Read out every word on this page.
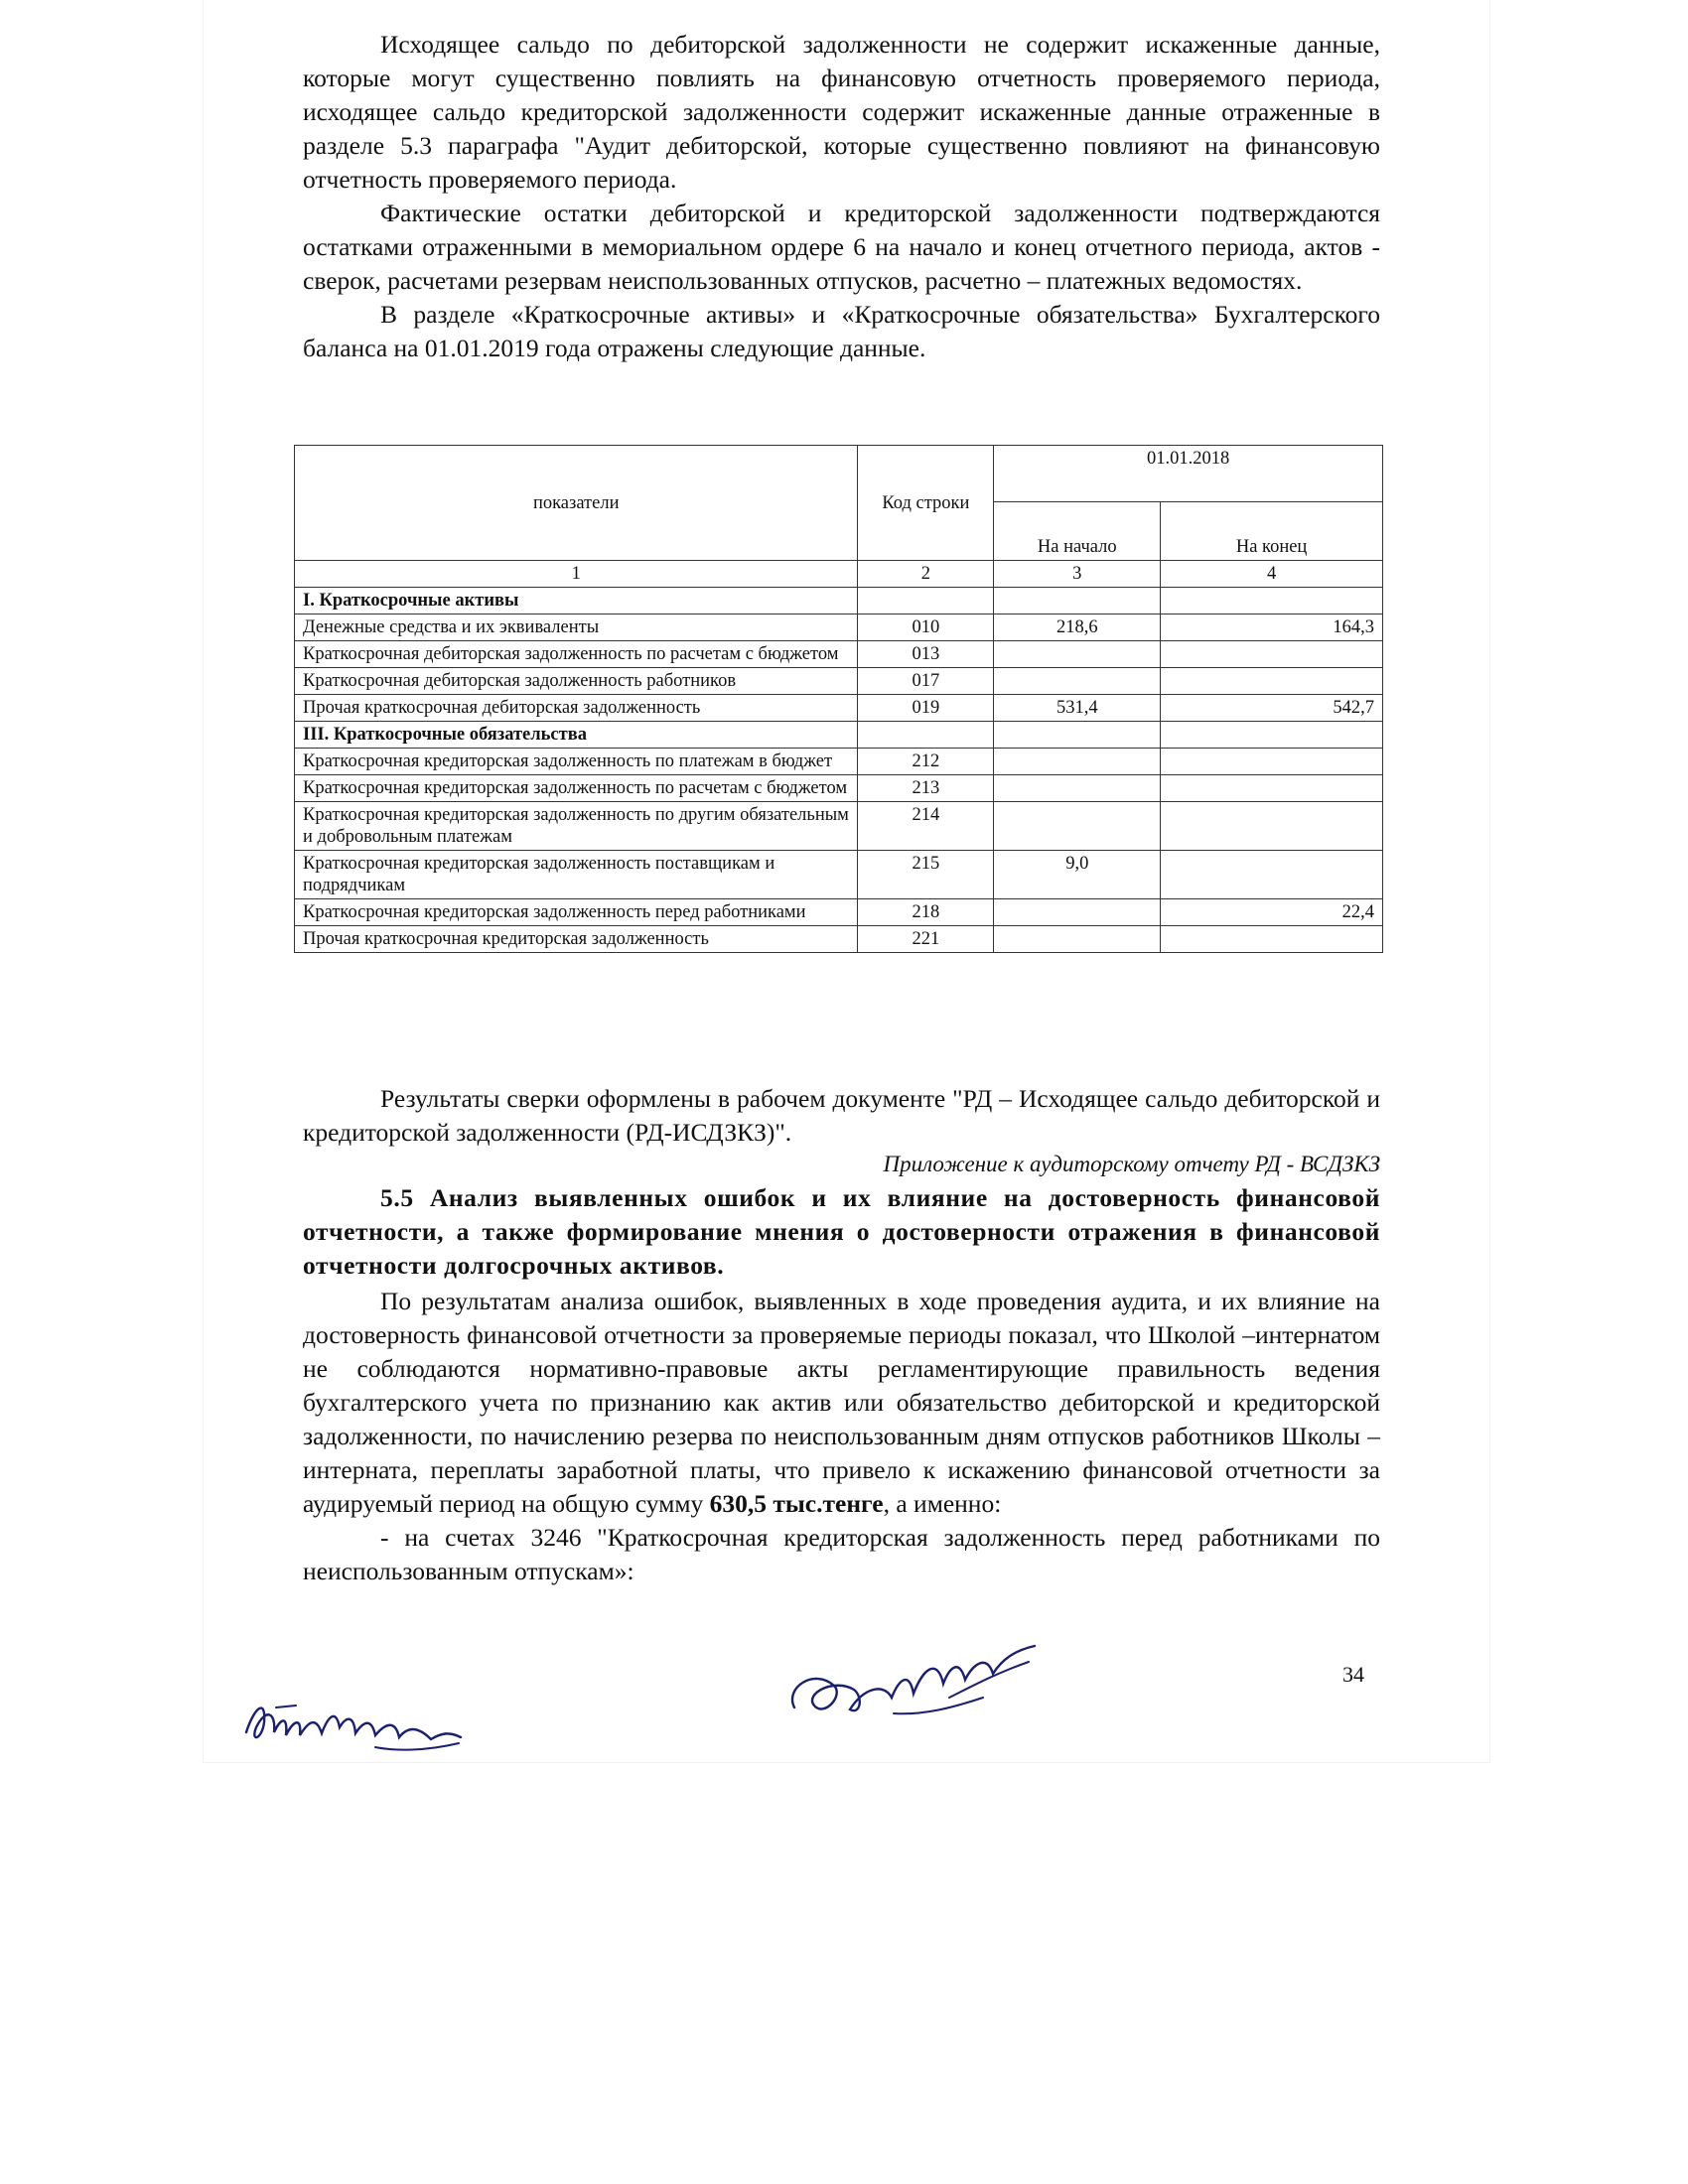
Исходящее сальдо по дебиторской задолженности не содержит искаженные данные, которые могут существенно повлиять на финансовую отчетность проверяемого периода, исходящее сальдо кредиторской задолженности содержит искаженные данные отраженные в разделе 5.3 параграфа "Аудит дебиторской, которые существенно повлияют на финансовую отчетность проверяемого периода.

Фактические остатки дебиторской и кредиторской задолженности подтверждаются остатками отраженными в мемориальном ордере 6 на начало и конец отчетного периода, актов - сверок, расчетами резервам неиспользованных отпусков, расчетно – платежных ведомостях.

В разделе «Краткосрочные активы» и «Краткосрочные обязательства» Бухгалтерского баланса на 01.01.2019 года отражены следующие данные.

показатели	Код строки	01.01.2018	
		На начало	На конец
1	2	3	4
I. Краткосрочные активы			
Денежные средства и их эквиваленты	010	218,6	164,3
Краткосрочная дебиторская задолженность по расчетам с бюджетом	013		
Краткосрочная дебиторская задолженность работников	017		
Прочая краткосрочная дебиторская задолженность	019	531,4	542,7
III. Краткосрочные обязательства			
Краткосрочная кредиторская задолженность по платежам в бюджет	212		
Краткосрочная кредиторская задолженность по расчетам с бюджетом	213		
Краткосрочная кредиторская задолженность по другим обязательным и добровольным платежам	214		
Краткосрочная кредиторская задолженность поставщикам и подрядчикам	215	9,0	
Краткосрочная кредиторская задолженность перед работниками	218		22,4
Прочая краткосрочная кредиторская задолженность	221		

Результаты сверки оформлены в рабочем документе "РД – Исходящее сальдо дебиторской и кредиторской задолженности (РД-ИСДЗКЗ)".

Приложение к аудиторскому отчету РД - ВСДЗКЗ

5.5 Анализ выявленных ошибок и их влияние на достоверность финансовой отчетности, а также формирование мнения о достоверности отражения в финансовой отчетности долгосрочных активов.

По результатам анализа ошибок, выявленных в ходе проведения аудита, и их влияние на достоверность финансовой отчетности за проверяемые периоды показал, что Школой –интернатом не соблюдаются нормативно-правовые акты регламентирующие правильность ведения бухгалтерского учета по признанию как актив или обязательство дебиторской и кредиторской задолженности, по начислению резерва по неиспользованным дням отпусков работников Школы – интерната, переплаты заработной платы, что привело к искажению финансовой отчетности за аудируемый период на общую сумму 630,5 тыс.тенге, а именно:

- на счетах 3246 "Краткосрочная кредиторская задолженность перед работниками по неиспользованным отпускам»:

34
